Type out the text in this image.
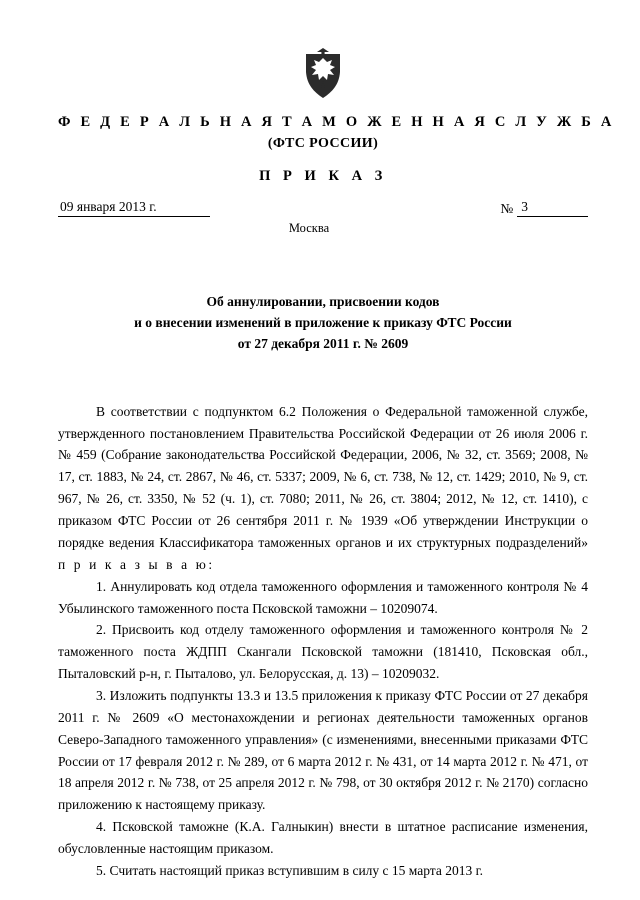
Ф Е Д Е Р А Л Ь Н А Я Т А М О Ж Е Н Н А Я С Л У Ж Б А
(ФТС РОССИИ)
П Р И К А З
09 января 2013 г.	№ 3
Москва
Об аннулировании, присвоении кодов
и о внесении изменений в приложение к приказу ФТС России
от 27 декабря 2011 г. № 2609

В соответствии с подпунктом 6.2 Положения о Федеральной таможенной службе, утвержденного постановлением Правительства Российской Федерации от 26 июля 2006 г. № 459 (Собрание законодательства Российской Федерации, 2006, № 32, ст. 3569; 2008, № 17, ст. 1883, № 24, ст. 2867, № 46, ст. 5337; 2009, № 6, ст. 738, № 12, ст. 1429; 2010, № 9, ст. 967, № 26, ст. 3350, № 52 (ч. 1), ст. 7080; 2011, № 26, ст. 3804; 2012, № 12, ст. 1410), с приказом ФТС России от 26 сентября 2011 г. № 1939 «Об утверждении Инструкции о порядке ведения Классификатора таможенных органов и их структурных подразделений» п р и к а з ы в а ю:

1. Аннулировать код отдела таможенного оформления и таможенного контроля № 4 Убылинского таможенного поста Псковской таможни – 10209074.

2. Присвоить код отделу таможенного оформления и таможенного контроля № 2 таможенного поста ЖДПП Скангали Псковской таможни (181410, Псковская обл., Пыталовский р-н, г. Пыталово, ул. Белорусская, д. 13) – 10209032.

3. Изложить подпункты 13.3 и 13.5 приложения к приказу ФТС России от 27 декабря 2011 г. № 2609 «О местонахождении и регионах деятельности таможенных органов Северо-Западного таможенного управления» (с изменениями, внесенными приказами ФТС России от 17 февраля 2012 г. № 289, от 6 марта 2012 г. № 431, от 14 марта 2012 г. № 471, от 18 апреля 2012 г. № 738, от 25 апреля 2012 г. № 798, от 30 октября 2012 г. № 2170) согласно приложению к настоящему приказу.

4. Псковской таможне (К.А. Галныкин) внести в штатное расписание изменения, обусловленные настоящим приказом.

5. Считать настоящий приказ вступившим в силу с 15 марта 2013 г.
